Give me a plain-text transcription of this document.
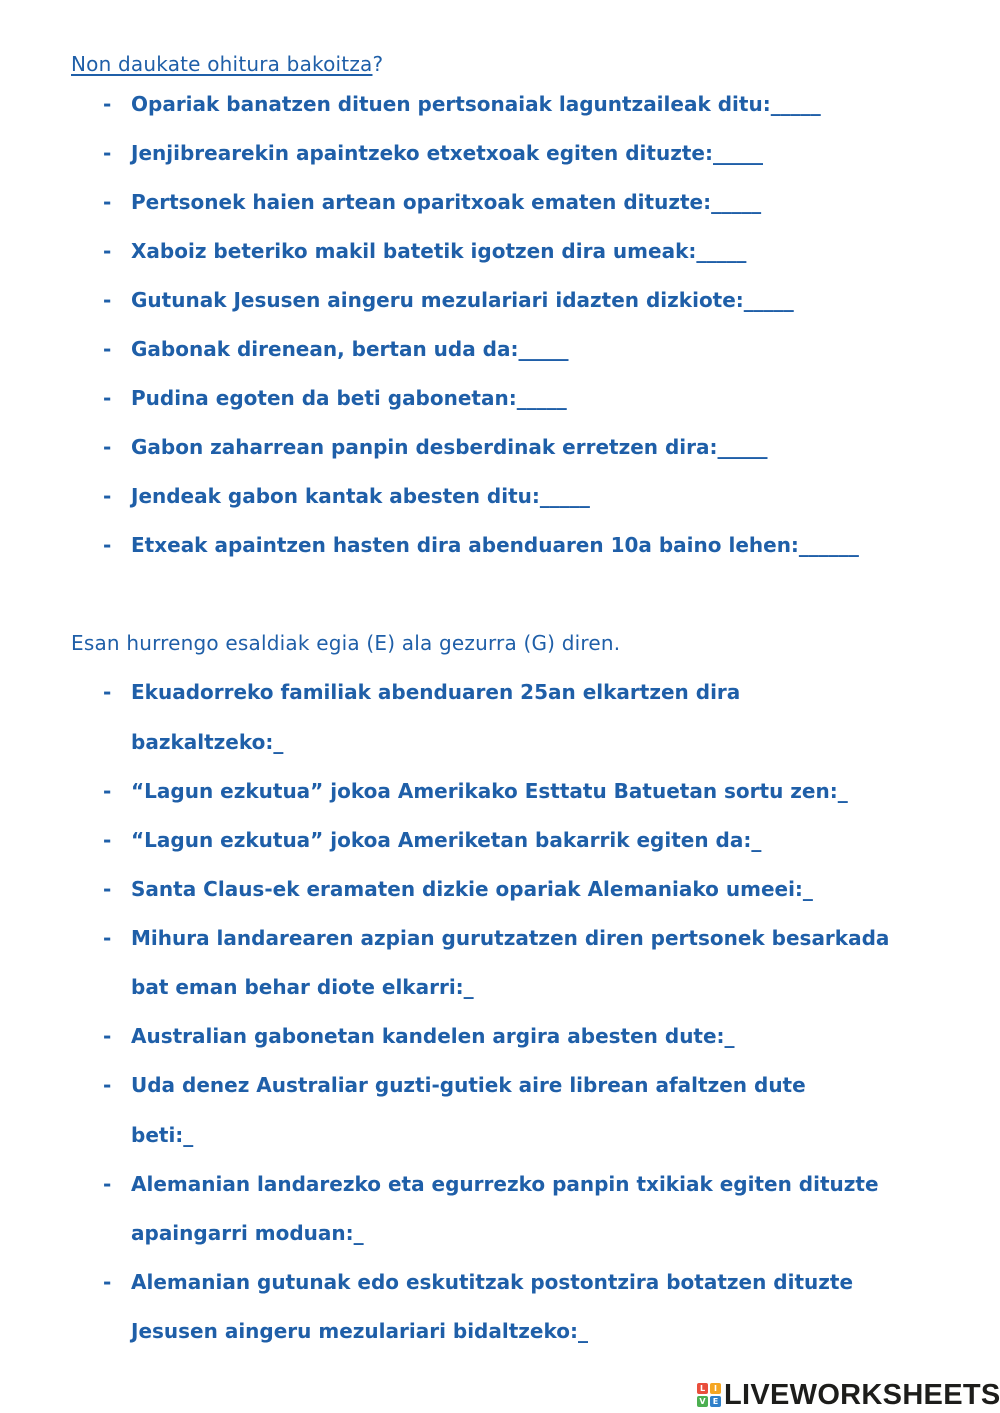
Non daukate ohitura bakoitza?
- Opariak banatzen dituen pertsonaiak laguntzaileak ditu:_____
- Jenjibrearekin apaintzeko etxetxoak egiten dituzte:_____
- Pertsonek haien artean oparitxoak ematen dituzte:_____
- Xaboiz beteriko makil batetik igotzen dira umeak:_____
- Gutunak Jesusen aingeru mezulariari idazten dizkiote:_____
- Gabonak direnean, bertan uda da:_____
- Pudina egoten da beti gabonetan:_____
- Gabon zaharrean panpin desberdinak erretzen dira:_____
- Jendeak gabon kantak abesten ditu:_____
- Etxeak apaintzen hasten dira abenduaren 10a baino lehen:______
Esan hurrengo esaldiak egia (E) ala gezurra (G) diren.
- Ekuadorreko familiak abenduaren 25an elkartzen dira
bazkaltzeko:_
- “Lagun ezkutua” jokoa Amerikako Esttatu Batuetan sortu zen:_
- “Lagun ezkutua” jokoa Ameriketan bakarrik egiten da:_
- Santa Claus-ek eramaten dizkie opariak Alemaniako umeei:_
- Mihura landarearen azpian gurutzatzen diren pertsonek besarkada
bat eman behar diote elkarri:_
- Australian gabonetan kandelen argira abesten dute:_
- Uda denez Australiar guzti-gutiek aire librean afaltzen dute
beti:_
- Alemanian landarezko eta egurrezko panpin txikiak egiten dituzte
apaingarri moduan:_
- Alemanian gutunak edo eskutitzak postontzira botatzen dituzte
Jesusen aingeru mezulariari bidaltzeko:_
L	I
V E LIVEWORKSHEETS
